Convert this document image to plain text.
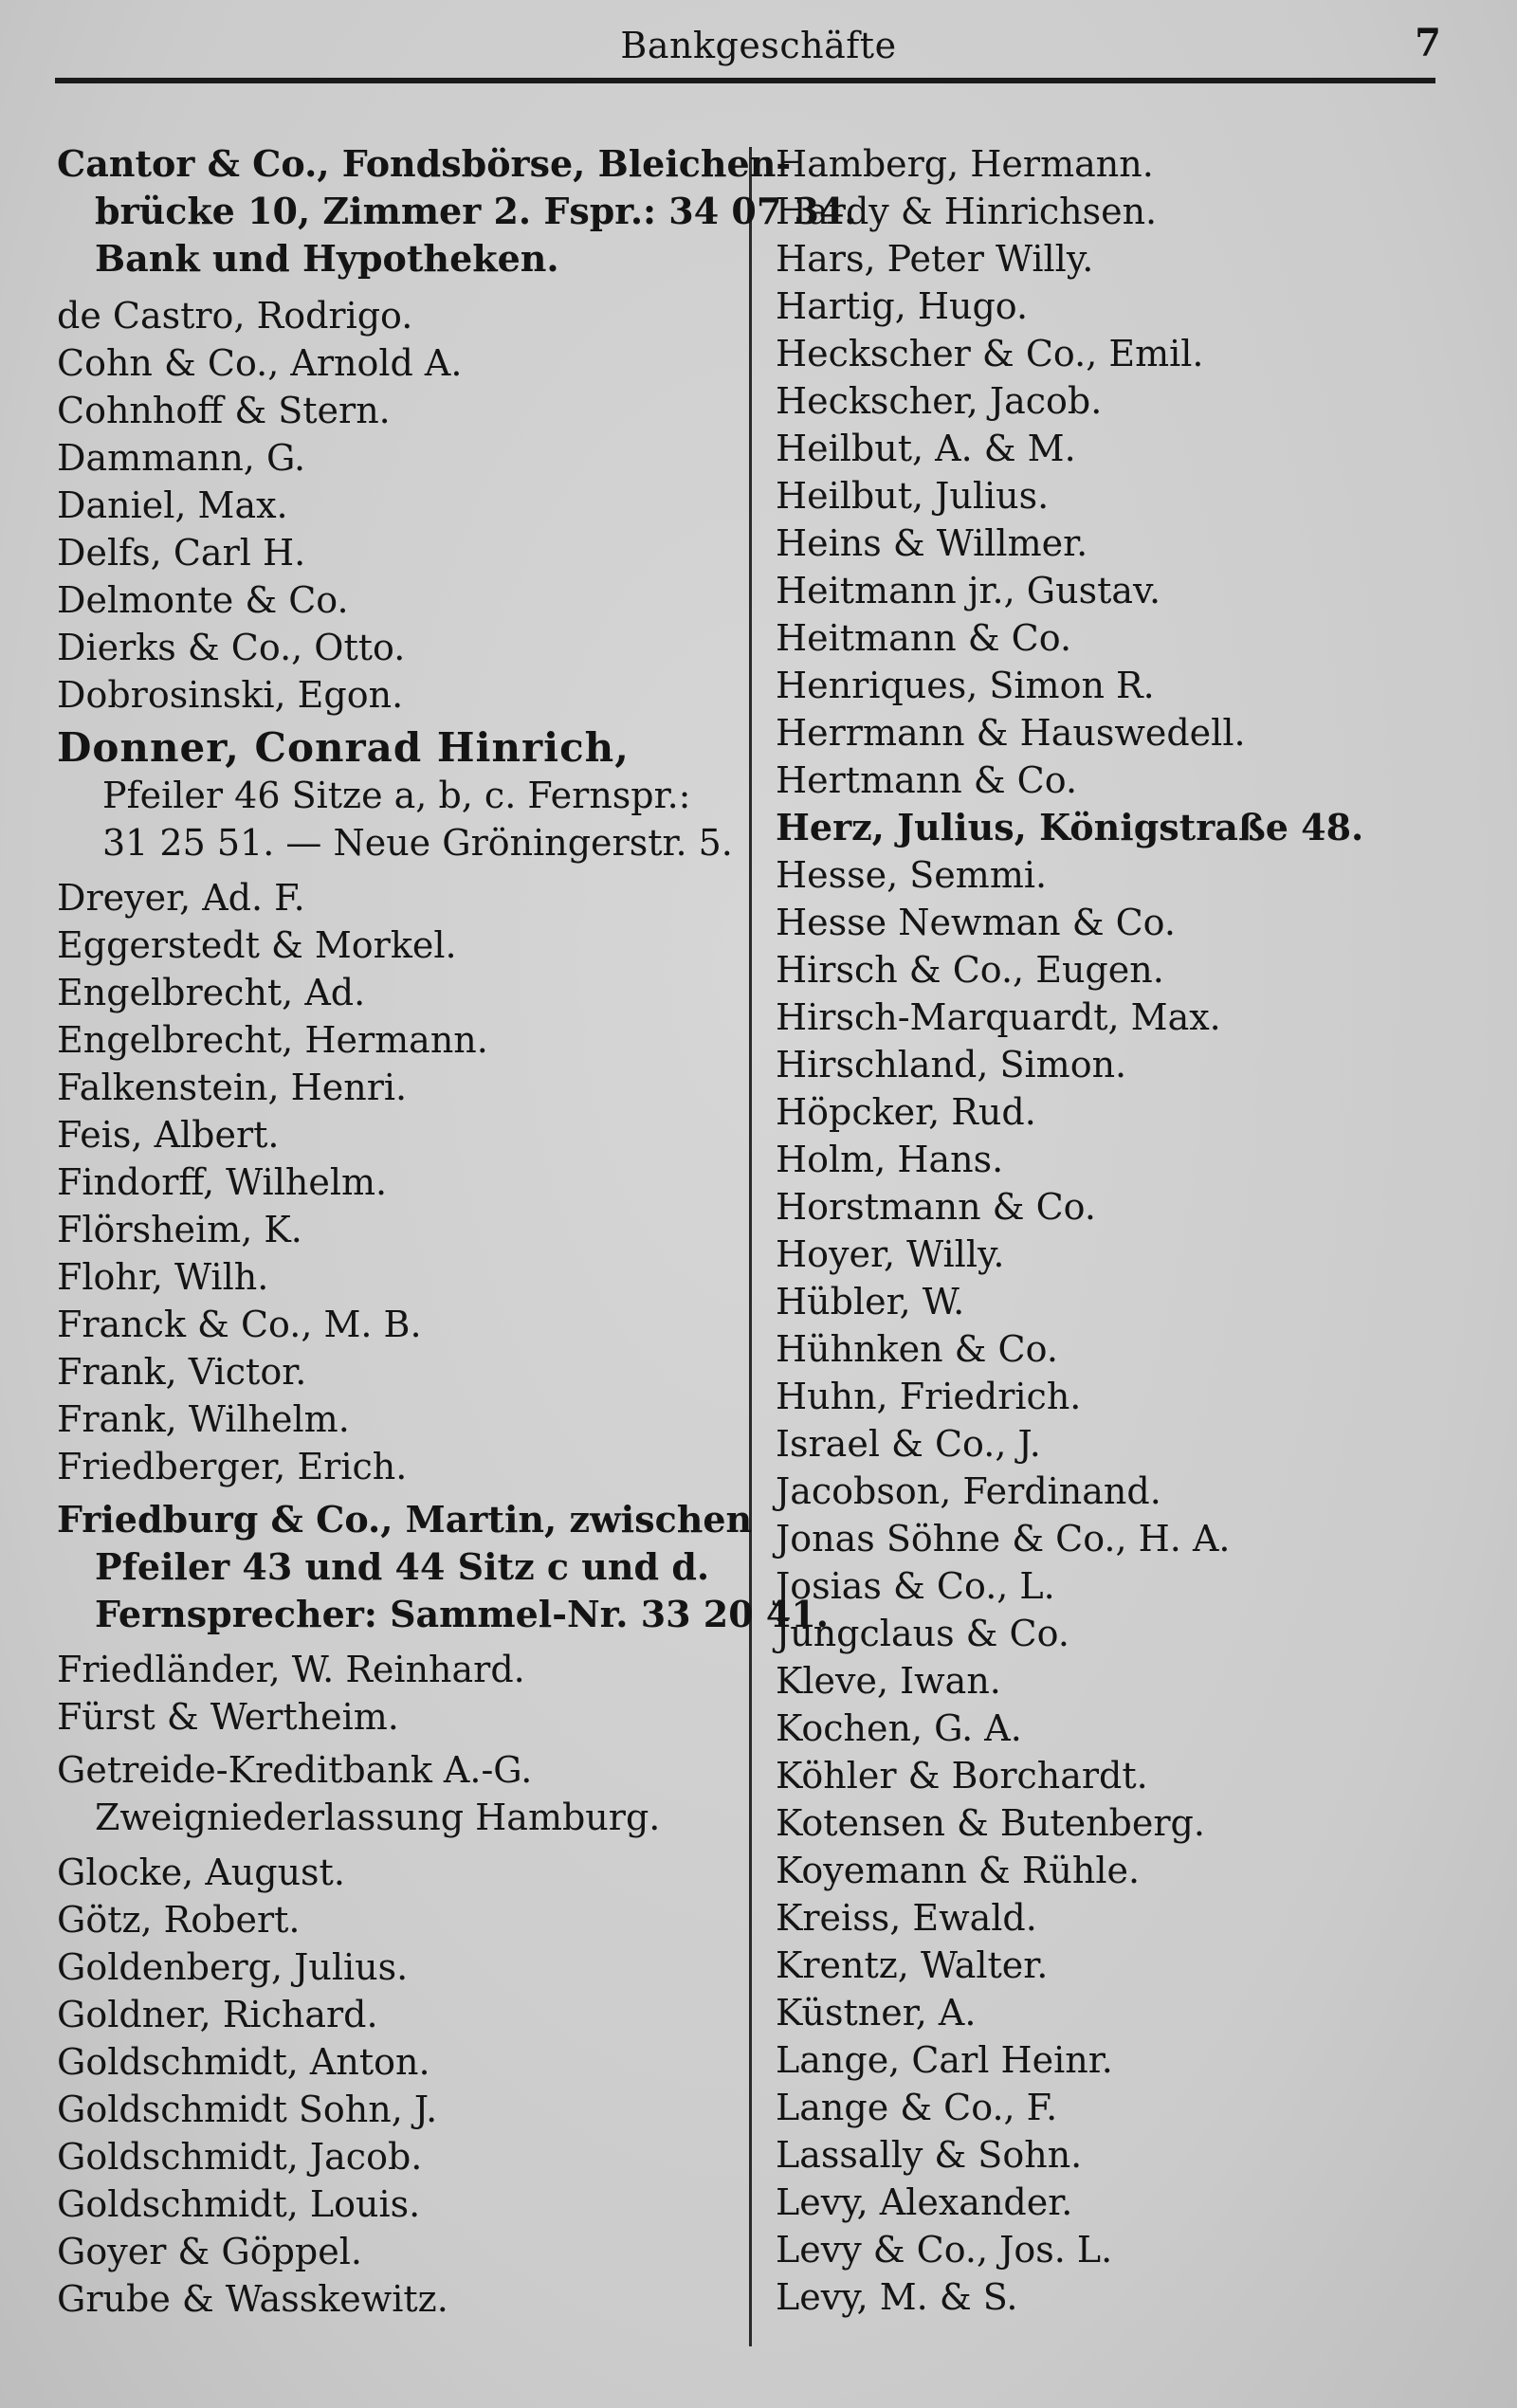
Bankgeschäfte	7
Cantor & Co., Fondsbörse, Bleichen-
brücke 10, Zimmer 2. Fspr.: 34 07 34.
Bank und Hypotheken.
de Castro, Rodrigo.
Cohn & Co., Arnold A.
Cohnhoff & Stern.
Dammann, G.
Daniel, Max.
Delfs, Carl H.
Delmonte & Co.
Dierks & Co., Otto.
Dobrosinski, Egon.
Donner, Conrad Hinrich,
Pfeiler 46 Sitze a, b, c. Fernspr.:
31 25 51. — Neue Gröningerstr. 5.
Dreyer, Ad. F.
Eggerstedt & Morkel.
Engelbrecht, Ad.
Engelbrecht, Hermann.
Falkenstein, Henri.
Feis, Albert.
Findorff, Wilhelm.
Flörsheim, K.
Flohr, Wilh.
Franck & Co., M. B.
Frank, Victor.
Frank, Wilhelm.
Friedberger, Erich.
Friedburg & Co., Martin, zwischen
Pfeiler 43 und 44 Sitz c und d.
Fernsprecher: Sammel-Nr. 33 20 41.
Friedländer, W. Reinhard.
Fürst & Wertheim.
Getreide-Kreditbank A.-G.
Zweigniederlassung Hamburg.
Glocke, August.
Götz, Robert.
Goldenberg, Julius.
Goldner, Richard.
Goldschmidt, Anton.
Goldschmidt Sohn, J.
Goldschmidt, Jacob.
Goldschmidt, Louis.
Goyer & Göppel.
Grube & Wasskewitz.
Hamberg, Hermann.
Hardy & Hinrichsen.
Hars, Peter Willy.
Hartig, Hugo.
Heckscher & Co., Emil.
Heckscher, Jacob.
Heilbut, A. & M.
Heilbut, Julius.
Heins & Willmer.
Heitmann jr., Gustav.
Heitmann & Co.
Henriques, Simon R.
Herrmann & Hauswedell.
Hertmann & Co.
Herz, Julius, Königstraße 48.
Hesse, Semmi.
Hesse Newman & Co.
Hirsch & Co., Eugen.
Hirsch-Marquardt, Max.
Hirschland, Simon.
Höpcker, Rud.
Holm, Hans.
Horstmann & Co.
Hoyer, Willy.
Hübler, W.
Hühnken & Co.
Huhn, Friedrich.
Israel & Co., J.
Jacobson, Ferdinand.
Jonas Söhne & Co., H. A.
Josias & Co., L.
Jungclaus & Co.
Kleve, Iwan.
Kochen, G. A.
Köhler & Borchardt.
Kotensen & Butenberg.
Koyemann & Rühle.
Kreiss, Ewald.
Krentz, Walter.
Küstner, A.
Lange, Carl Heinr.
Lange & Co., F.
Lassally & Sohn.
Levy, Alexander.
Levy & Co., Jos. L.
Levy, M. & S.
